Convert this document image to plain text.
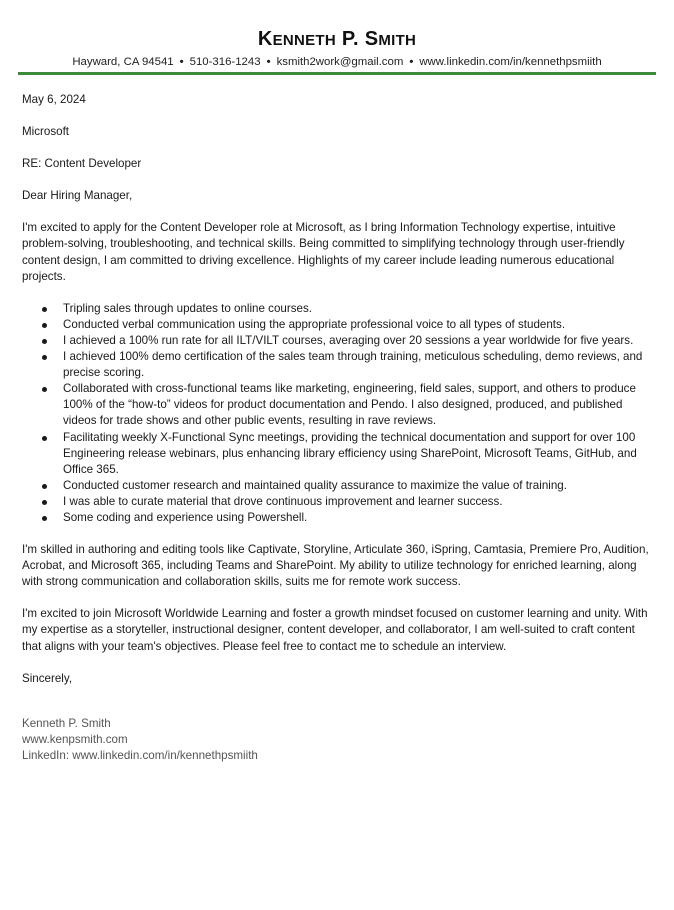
KENNETH P. SMITH
Hayward, CA 94541 • 510-316-1243 • ksmith2work@gmail.com • www.linkedin.com/in/kennethpsmiith

May 6, 2024

Microsoft

RE: Content Developer

Dear Hiring Manager,

I'm excited to apply for the Content Developer role at Microsoft, as I bring Information Technology expertise, intuitive problem-solving, troubleshooting, and technical skills. Being committed to simplifying technology through user-friendly content design, I am committed to driving excellence. Highlights of my career include leading numerous educational projects.

Tripling sales through updates to online courses.
Conducted verbal communication using the appropriate professional voice to all types of students.
I achieved a 100% run rate for all ILT/VILT courses, averaging over 20 sessions a year worldwide for five years.
I achieved 100% demo certification of the sales team through training, meticulous scheduling, demo reviews, and precise scoring.
Collaborated with cross-functional teams like marketing, engineering, field sales, support, and others to produce 100% of the “how-to” videos for product documentation and Pendo. I also designed, produced, and published videos for trade shows and other public events, resulting in rave reviews.
Facilitating weekly X-Functional Sync meetings, providing the technical documentation and support for over 100 Engineering release webinars, plus enhancing library efficiency using SharePoint, Microsoft Teams, GitHub, and Office 365.
Conducted customer research and maintained quality assurance to maximize the value of training.
I was able to curate material that drove continuous improvement and learner success.
Some coding and experience using Powershell.

I'm skilled in authoring and editing tools like Captivate, Storyline, Articulate 360, iSpring, Camtasia, Premiere Pro, Audition, Acrobat, and Microsoft 365, including Teams and SharePoint. My ability to utilize technology for enriched learning, along with strong communication and collaboration skills, suits me for remote work success.

I'm excited to join Microsoft Worldwide Learning and foster a growth mindset focused on customer learning and unity. With my expertise as a storyteller, instructional designer, content developer, and collaborator, I am well-suited to craft content that aligns with your team's objectives. Please feel free to contact me to schedule an interview.

Sincerely,

Kenneth P. Smith
www.kenpsmith.com
LinkedIn: www.linkedin.com/in/kennethpsmiith
